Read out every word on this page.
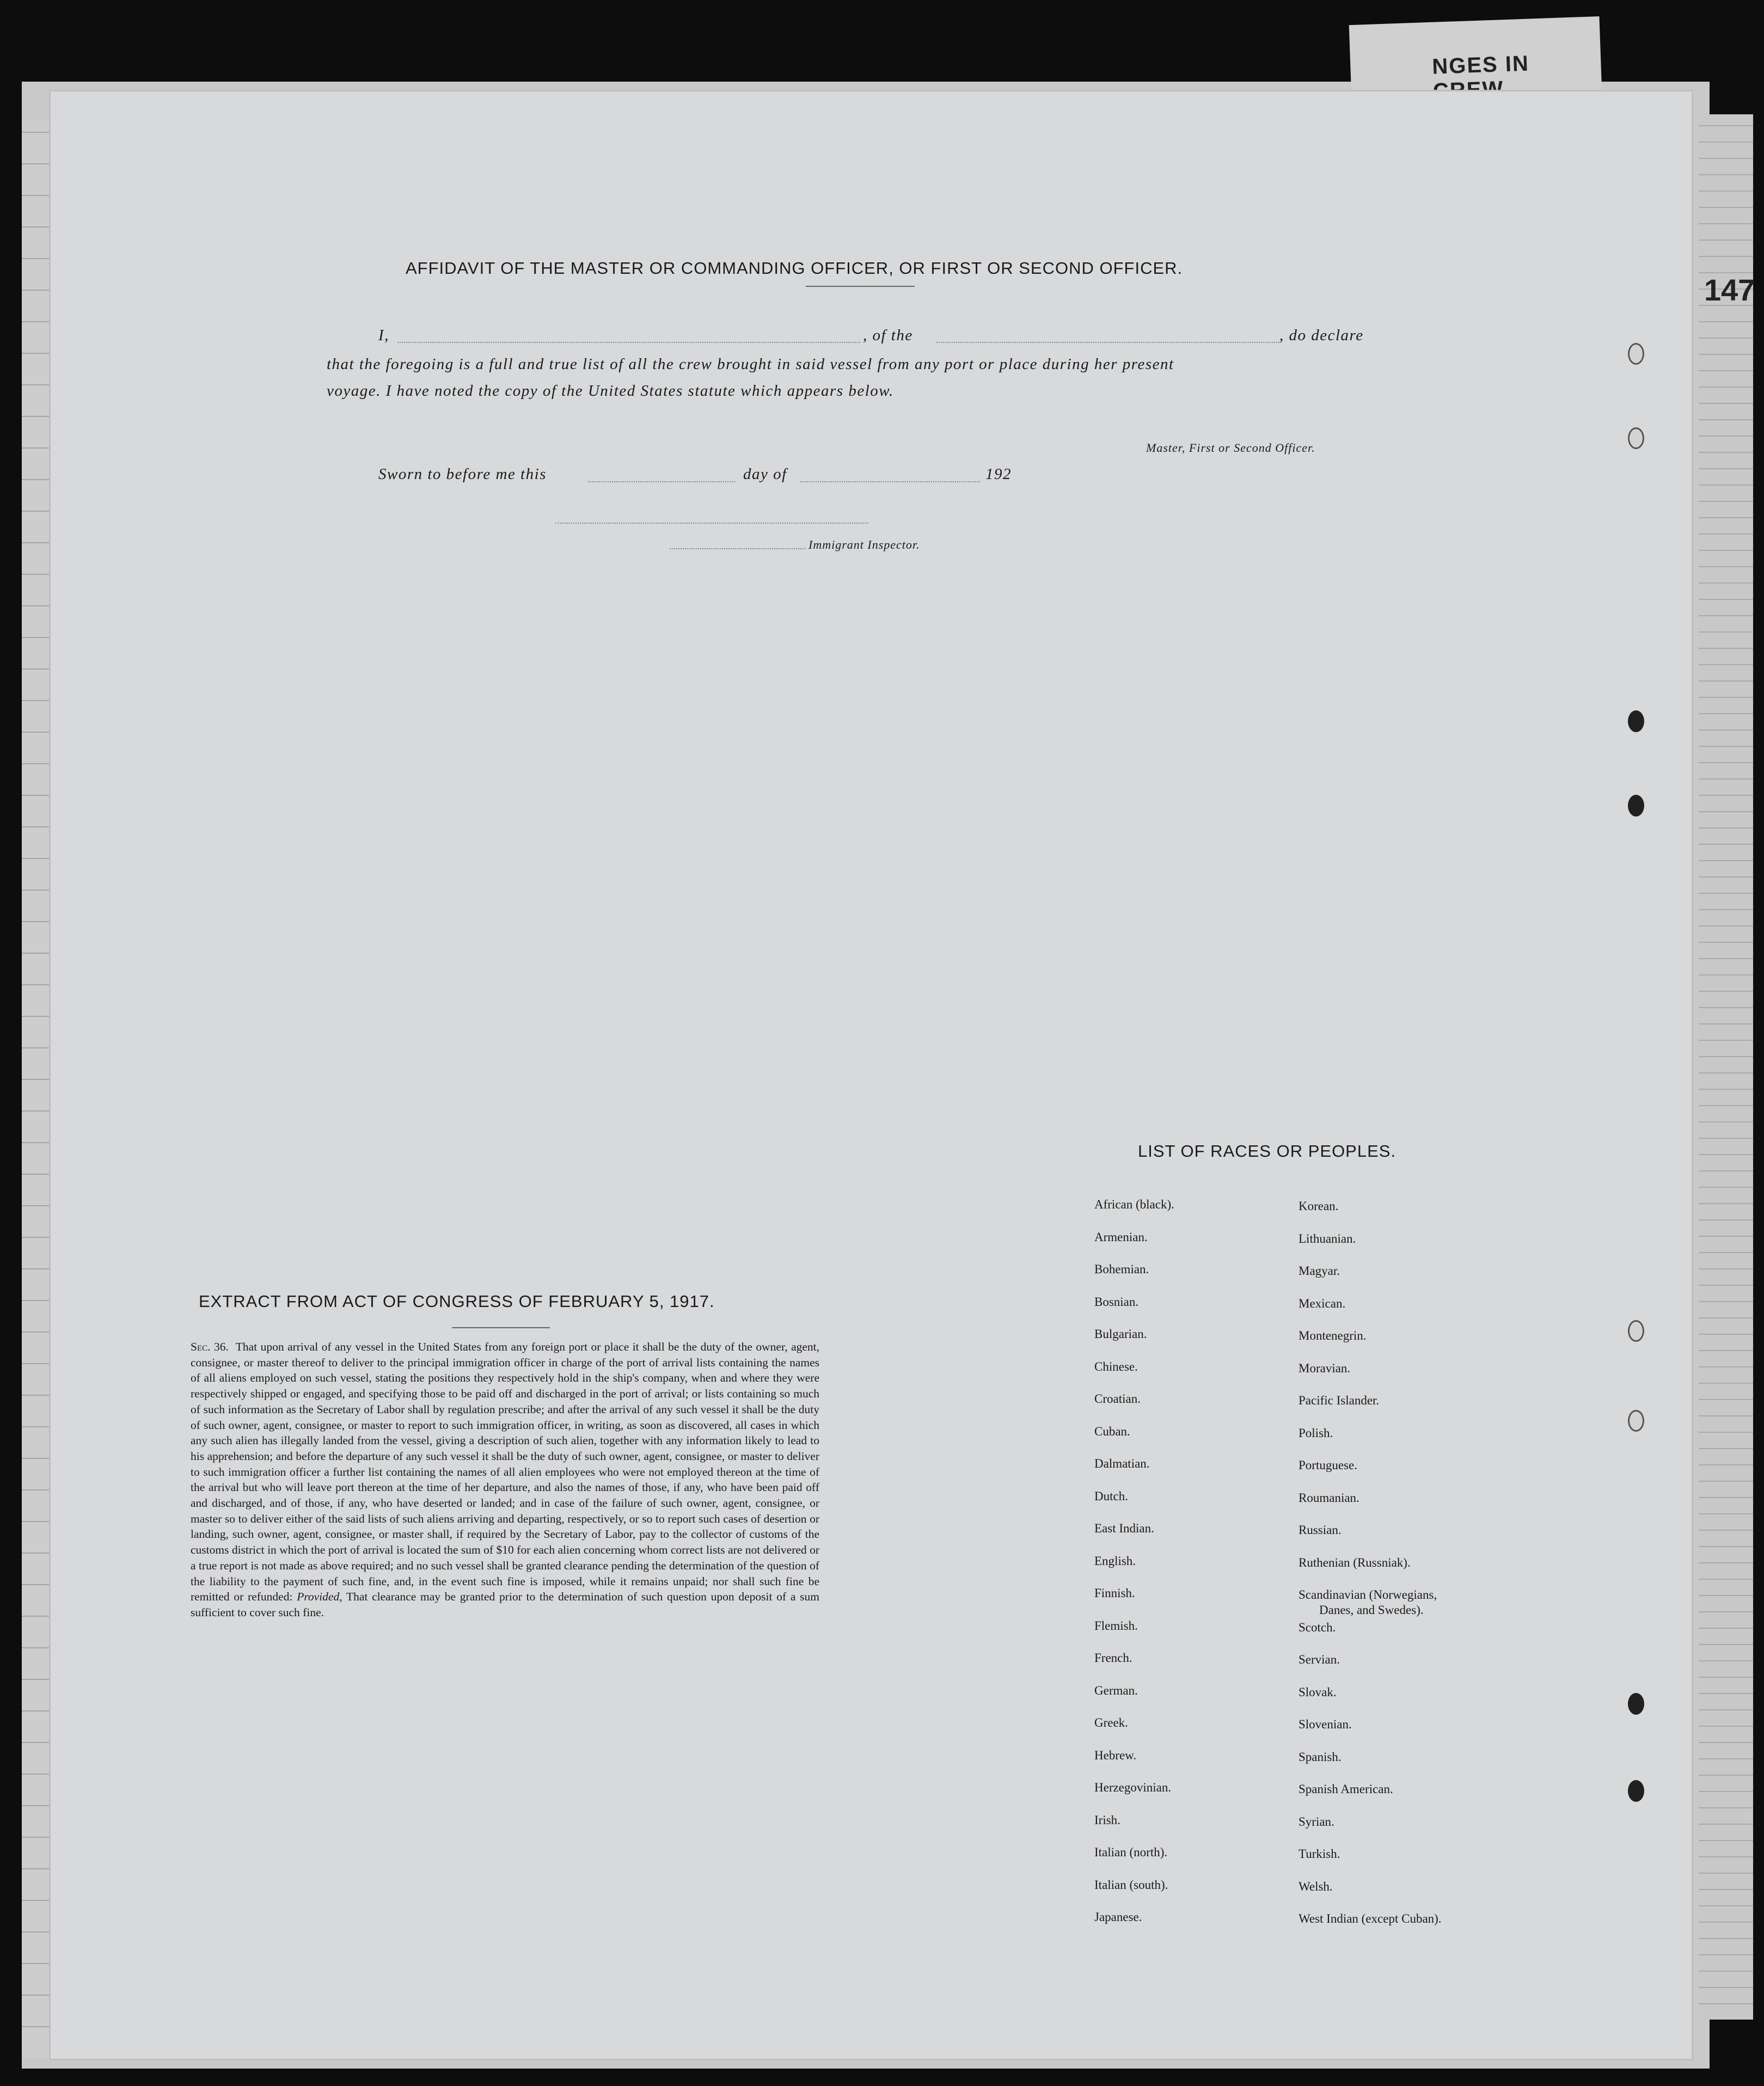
NGES IN
147
AFFIDAVIT OF THE MASTER OR COMMANDING OFFICER, OR FIRST OR SECOND OFFICER.
I,	, of the	, do declare
that the foregoing is a full and true list of all the crew brought in said vessel from any port or place during her present
voyage. I have noted the copy of the United States statute which appears below.
Master, First or Second Officer.
Sworn to before me this	day of	192
Immigrant Inspector.
EXTRACT FROM ACT OF CONGRESS OF FEBRUARY 5, 1917.
Sec. 36. That upon arrival of any vessel in the United States from any foreign port or place it shall be the duty of the owner, agent, consignee, or master thereof to deliver to the principal immigration officer in charge of the port of arrival lists containing the names of all aliens employed on such vessel, stating the positions they respectively hold in the ship's company, when and where they were respectively shipped or engaged, and specifying those to be paid off and discharged in the port of arrival; or lists containing so much of such information as the Secretary of Labor shall by regulation prescribe; and after the arrival of any such vessel it shall be the duty of such owner, agent, consignee, or master to report to such immigration officer, in writing, as soon as discovered, all cases in which any such alien has illegally landed from the vessel, giving a description of such alien, together with any information likely to lead to his apprehension; and before the departure of any such vessel it shall be the duty of such owner, agent, consignee, or master to deliver to such immigration officer a further list containing the names of all alien employees who were not employed thereon at the time of the arrival but who will leave port thereon at the time of her departure, and also the names of those, if any, who have been paid off and discharged, and of those, if any, who have deserted or landed; and in case of the failure of such owner, agent, consignee, or master so to deliver either of the said lists of such aliens arriving and departing, respectively, or so to report such cases of desertion or landing, such owner, agent, consignee, or master shall, if required by the Secretary of Labor, pay to the collector of customs of the customs district in which the port of arrival is located the sum of $10 for each alien concerning whom correct lists are not delivered or a true report is not made as above required; and no such vessel shall be granted clearance pending the determination of the question of the liability to the payment of such fine, and, in the event such fine is imposed, while it remains unpaid; nor shall such fine be remitted or refunded: Provided, That clearance may be granted prior to the determination of such question upon deposit of a sum sufficient to cover such fine.
LIST OF RACES OR PEOPLES.
African (black).
Armenian.
Bohemian.
Bosnian.
Bulgarian.
Chinese.
Croatian.
Cuban.
Dalmatian.
Dutch.
East Indian.
English.
Finnish.
Flemish.
French.
German.
Greek.
Hebrew.
Herzegovinian.
Irish.
Italian (north).
Italian (south).
Japanese.
Korean.
Lithuanian.
Magyar.
Mexican.
Montenegrin.
Moravian.
Pacific Islander.
Polish.
Portuguese.
Roumanian.
Russian.
Ruthenian (Russniak).
Scandinavian (Norwegians,
Danes, and Swedes).
Scotch.
Servian.
Slovak.
Slovenian.
Spanish.
Spanish American.
Syrian.
Turkish.
Welsh.
West Indian (except Cuban).
